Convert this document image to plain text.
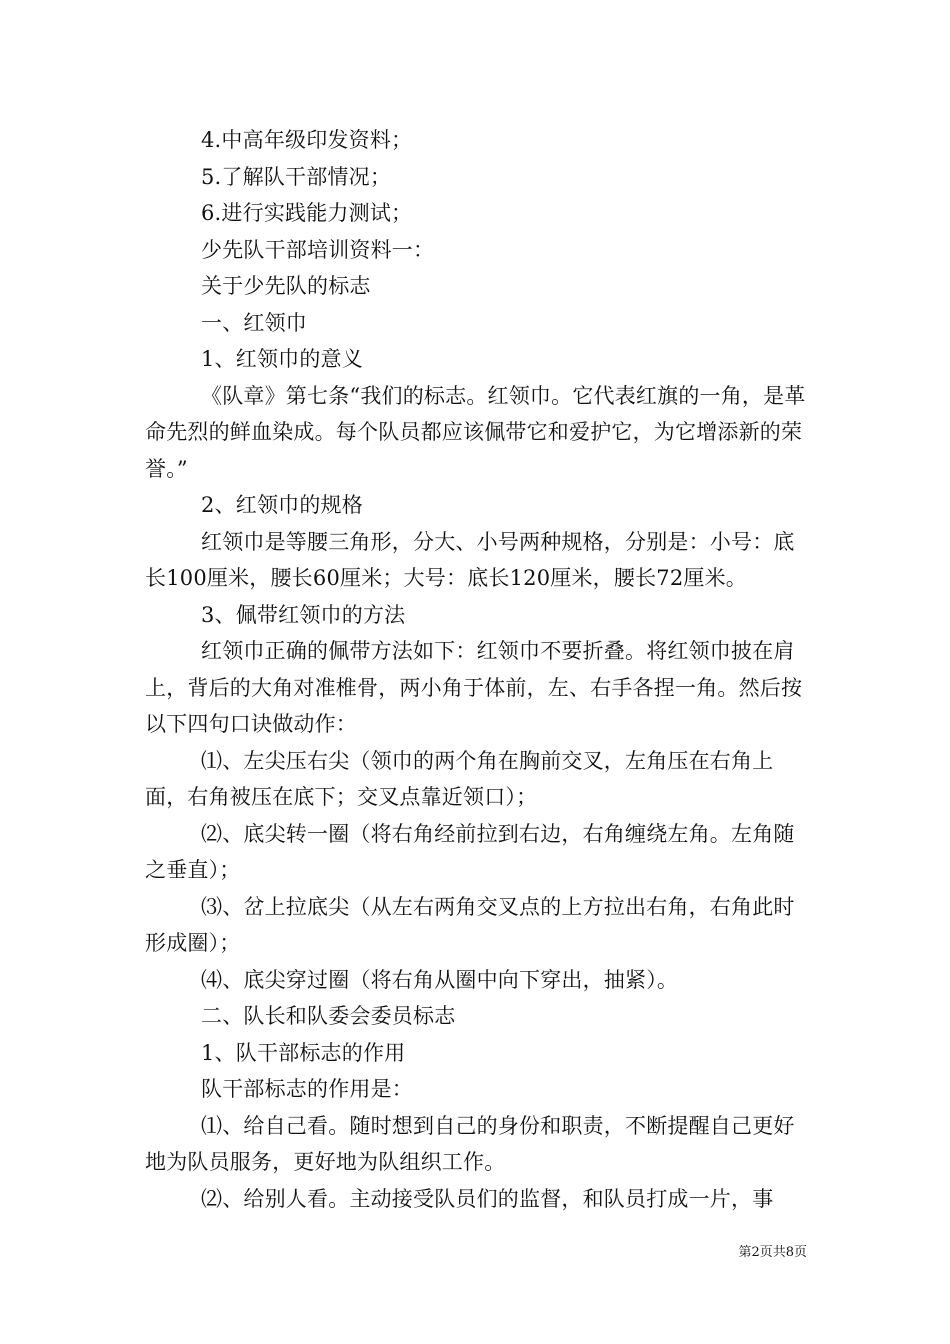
4.中高年级印发资料；

5.了解队干部情况；

6.进行实践能力测试；

少先队干部培训资料一：

关于少先队的标志

一、红领巾

1、红领巾的意义

《队章》第七条“我们的标志。红领巾。它代表红旗的一角，是革命先烈的鲜血染成。每个队员都应该佩带它和爱护它，为它增添新的荣誉。”

2、红领巾的规格

红领巾是等腰三角形，分大、小号两种规格，分别是：小号：底长100厘米，腰长60厘米；大号：底长120厘米，腰长72厘米。

3、佩带红领巾的方法

红领巾正确的佩带方法如下：红领巾不要折叠。将红领巾披在肩上，背后的大角对准椎骨，两小角于体前，左、右手各捏一角。然后按以下四句口诀做动作：

⑴、左尖压右尖（领巾的两个角在胸前交叉，左角压在右角上面，右角被压在底下；交叉点靠近领口）；

⑵、底尖转一圈（将右角经前拉到右边，右角缠绕左角。左角随之垂直）；

⑶、岔上拉底尖（从左右两角交叉点的上方拉出右角，右角此时形成圈）；

⑷、底尖穿过圈（将右角从圈中向下穿出，抽紧）。

二、队长和队委会委员标志

1、队干部标志的作用

队干部标志的作用是：

⑴、给自己看。随时想到自己的身份和职责，不断提醒自己更好地为队员服务，更好地为队组织工作。

⑵、给别人看。主动接受队员们的监督，和队员打成一片，事

第2页共8页
